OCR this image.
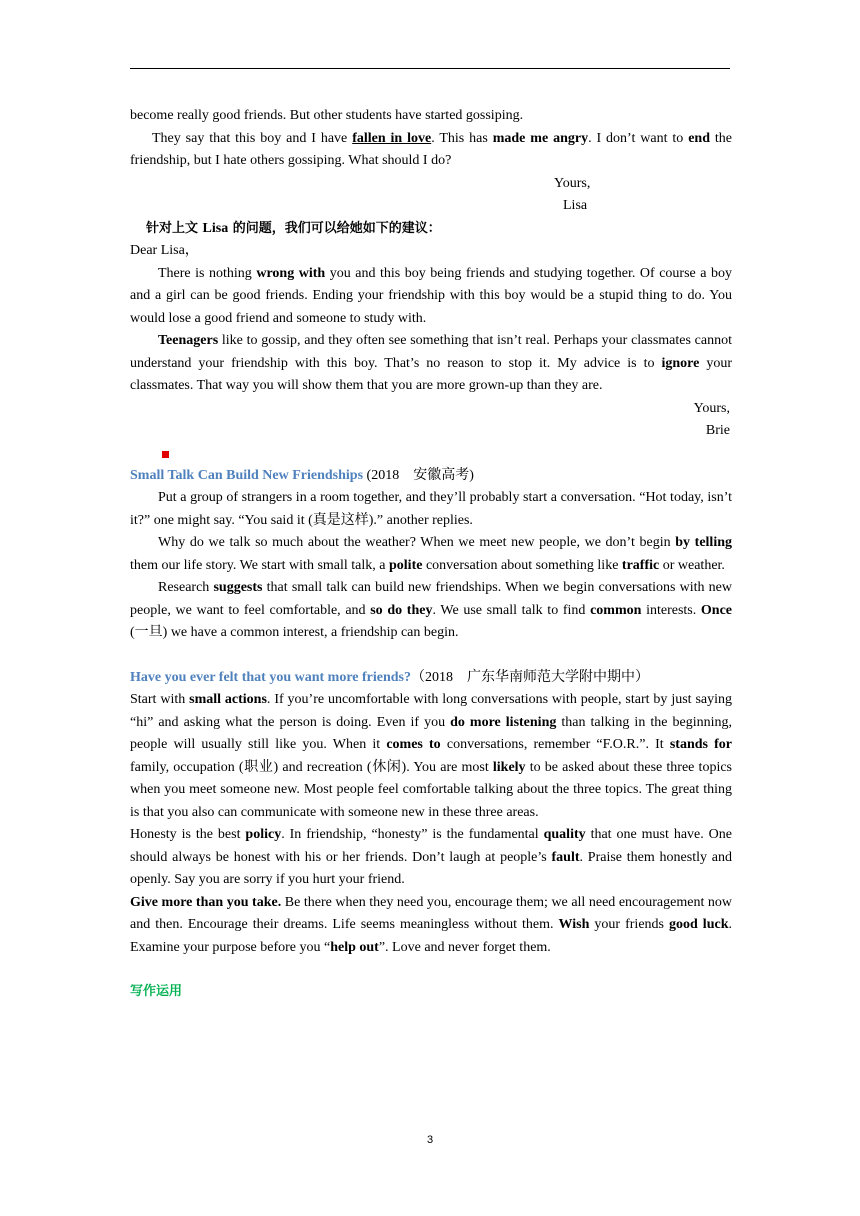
become really good friends. But other students have started gossiping.

They say that this boy and I have fallen in love. This has made me angry. I don’t want to end the friendship, but I hate others gossiping. What should I do?

Yours,

Lisa

针对上文 Lisa 的问题，我们可以给她如下的建议：

Dear Lisa，

There is nothing wrong with you and this boy being friends and studying together. Of course a boy and a girl can be good friends. Ending your friendship with this boy would be a stupid thing to do. You would lose a good friend and someone to study with.

Teenagers like to gossip, and they often see something that isn’t real. Perhaps your classmates cannot understand your friendship with this boy. That’s no reason to stop it. My advice is to ignore your classmates. That way you will show them that you are more grown-up than they are.

Yours,

Brie

Small Talk Can Build New Friendships (2018　安徽高考)

Put a group of strangers in a room together, and they’ll probably start a conversation. “Hot today, isn’t it?” one might say. “You said it (真是这样).” another replies.

Why do we talk so much about the weather? When we meet new people, we don’t begin by telling them our life story. We start with small talk, a polite conversation about something like traffic or weather.

Research suggests that small talk can build new friendships. When we begin conversations with new people, we want to feel comfortable, and so do they. We use small talk to find common interests. Once (一旦) we have a common interest, a friendship can begin.

Have you ever felt that you want more friends?（2018　广东华南师范大学附中期中）

Start with small actions. If you’re uncomfortable with long conversations with people, start by just saying “hi” and asking what the person is doing. Even if you do more listening than talking in the beginning, people will usually still like you. When it comes to conversations, remember “F.O.R.”. It stands for family, occupation (职业) and recreation (休闲). You are most likely to be asked about these three topics when you meet someone new. Most people feel comfortable talking about the three topics. The great thing is that you also can communicate with someone new in these three areas.

Honesty is the best policy. In friendship, “honesty” is the fundamental quality that one must have. One should always be honest with his or her friends. Don’t laugh at people’s fault. Praise them honestly and openly. Say you are sorry if you hurt your friend.

Give more than you take. Be there when they need you, encourage them; we all need encouragement now and then. Encourage their dreams. Life seems meaningless without them. Wish your friends good luck. Examine your purpose before you “help out”. Love and never forget them.

写作运用

3
